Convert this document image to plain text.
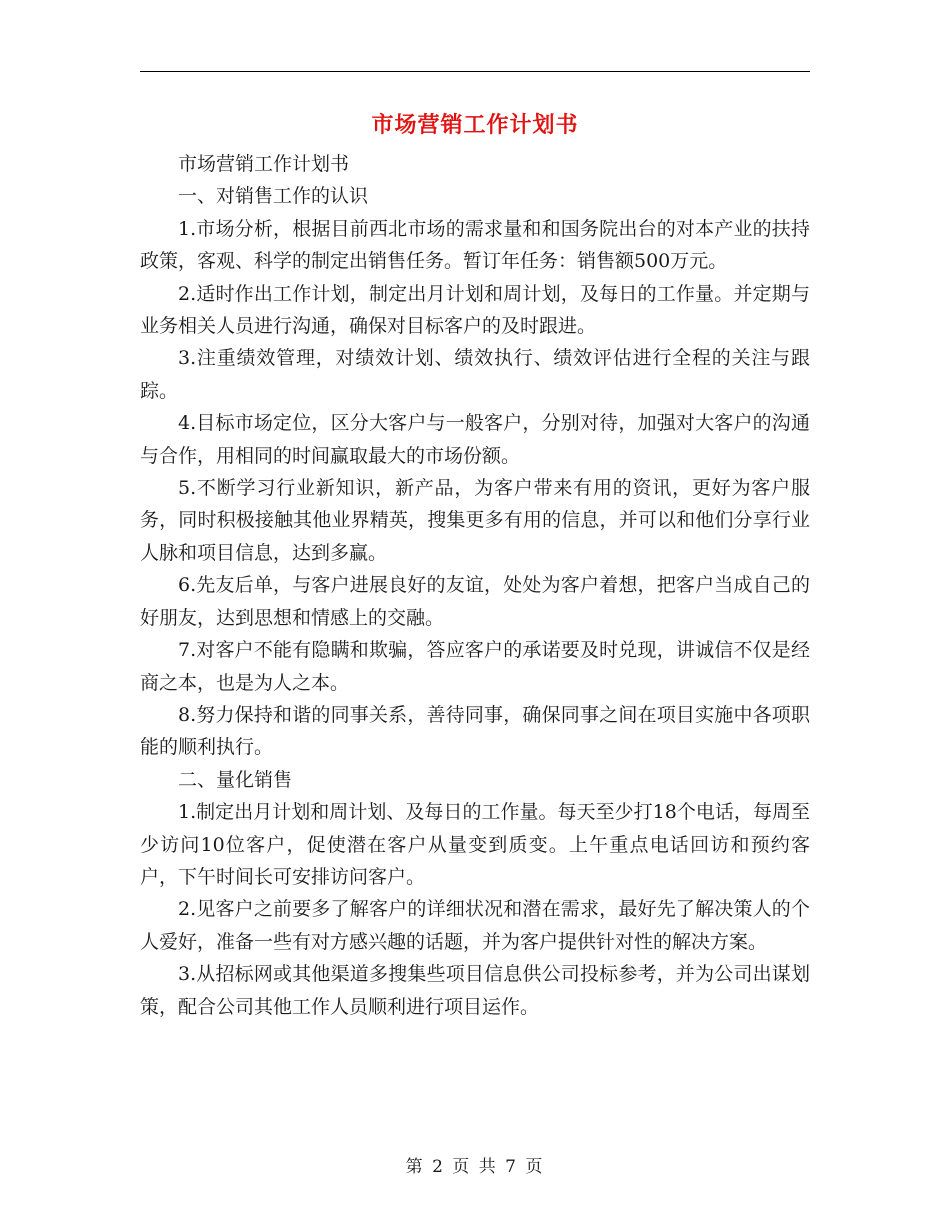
市场营销工作计划书

市场营销工作计划书

一、对销售工作的认识

1.市场分析，根据目前西北市场的需求量和和国务院出台的对本产业的扶持政策，客观、科学的制定出销售任务。暂订年任务：销售额500万元。

2.适时作出工作计划，制定出月计划和周计划，及每日的工作量。并定期与业务相关人员进行沟通，确保对目标客户的及时跟进。

3.注重绩效管理，对绩效计划、绩效执行、绩效评估进行全程的关注与跟踪。

4.目标市场定位，区分大客户与一般客户，分别对待，加强对大客户的沟通与合作，用相同的时间赢取最大的市场份额。

5.不断学习行业新知识，新产品，为客户带来有用的资讯，更好为客户服务，同时积极接触其他业界精英，搜集更多有用的信息，并可以和他们分享行业人脉和项目信息，达到多赢。

6.先友后单，与客户进展良好的友谊，处处为客户着想，把客户当成自己的好朋友，达到思想和情感上的交融。

7.对客户不能有隐瞒和欺骗，答应客户的承诺要及时兑现，讲诚信不仅是经商之本，也是为人之本。

8.努力保持和谐的同事关系，善待同事，确保同事之间在项目实施中各项职能的顺利执行。

二、量化销售

1.制定出月计划和周计划、及每日的工作量。每天至少打18个电话，每周至少访问10位客户，促使潜在客户从量变到质变。上午重点电话回访和预约客户，下午时间长可安排访问客户。

2.见客户之前要多了解客户的详细状况和潜在需求，最好先了解决策人的个人爱好，准备一些有对方感兴趣的话题，并为客户提供针对性的解决方案。

3.从招标网或其他渠道多搜集些项目信息供公司投标参考，并为公司出谋划策，配合公司其他工作人员顺利进行项目运作。

第 2 页 共 7 页
